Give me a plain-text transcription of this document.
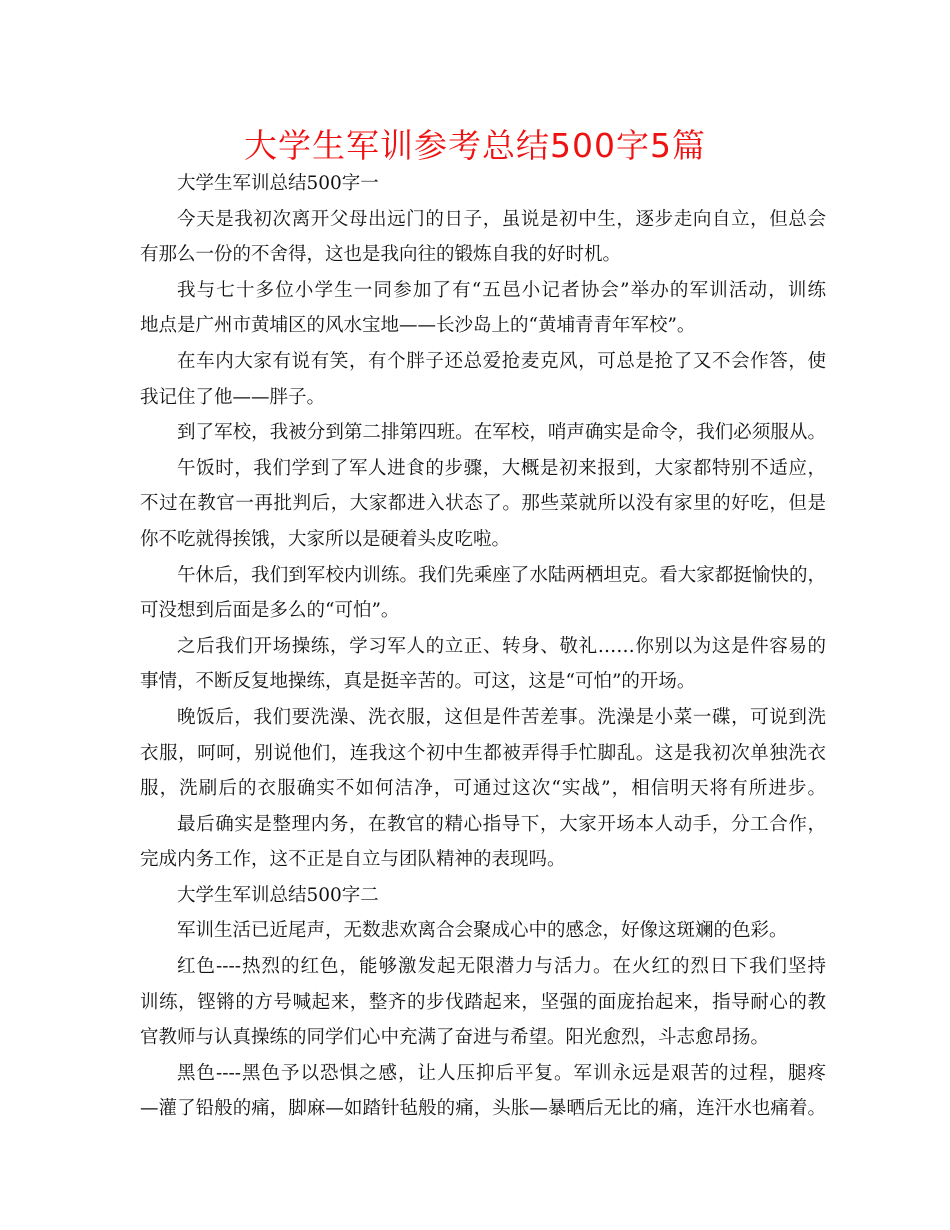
大学生军训参考总结500字5篇
大学生军训总结500字一
今天是我初次离开父母出远门的日子，虽说是初中生，逐步走向自立，但总会
有那么一份的不舍得，这也是我向往的锻炼自我的好时机。
我与七十多位小学生一同参加了有“五邑小记者协会”举办的军训活动，训练
地点是广州市黄埔区的风水宝地——长沙岛上的“黄埔青青年军校”。
在车内大家有说有笑，有个胖子还总爱抢麦克风，可总是抢了又不会作答，使
我记住了他——胖子。
到了军校，我被分到第二排第四班。在军校，哨声确实是命令，我们必须服从。
午饭时，我们学到了军人进食的步骤，大概是初来报到，大家都特别不适应，
不过在教官一再批判后，大家都进入状态了。那些菜就所以没有家里的好吃，但是
你不吃就得挨饿，大家所以是硬着头皮吃啦。
午休后，我们到军校内训练。我们先乘座了水陆两栖坦克。看大家都挺愉快的，
可没想到后面是多么的“可怕”。
之后我们开场操练，学习军人的立正、转身、敬礼……你别以为这是件容易的
事情，不断反复地操练，真是挺辛苦的。可这，这是“可怕”的开场。
晚饭后，我们要洗澡、洗衣服，这但是件苦差事。洗澡是小菜一碟，可说到洗
衣服，呵呵，别说他们，连我这个初中生都被弄得手忙脚乱。这是我初次单独洗衣
服，洗刷后的衣服确实不如何洁净，可通过这次“实战”，相信明天将有所进步。
最后确实是整理内务，在教官的精心指导下，大家开场本人动手，分工合作，
完成内务工作，这不正是自立与团队精神的表现吗。
大学生军训总结500字二
军训生活已近尾声，无数悲欢离合会聚成心中的感念，好像这斑斓的色彩。
红色----热烈的红色，能够激发起无限潜力与活力。在火红的烈日下我们坚持
训练，铿锵的方号喊起来，整齐的步伐踏起来，坚强的面庞抬起来，指导耐心的教
官教师与认真操练的同学们心中充满了奋进与希望。阳光愈烈，斗志愈昂扬。
黑色----黑色予以恐惧之感，让人压抑后平复。军训永远是艰苦的过程，腿疼
—灌了铅般的痛，脚麻—如踏针毡般的痛，头胀—暴晒后无比的痛，连汗水也痛着。
